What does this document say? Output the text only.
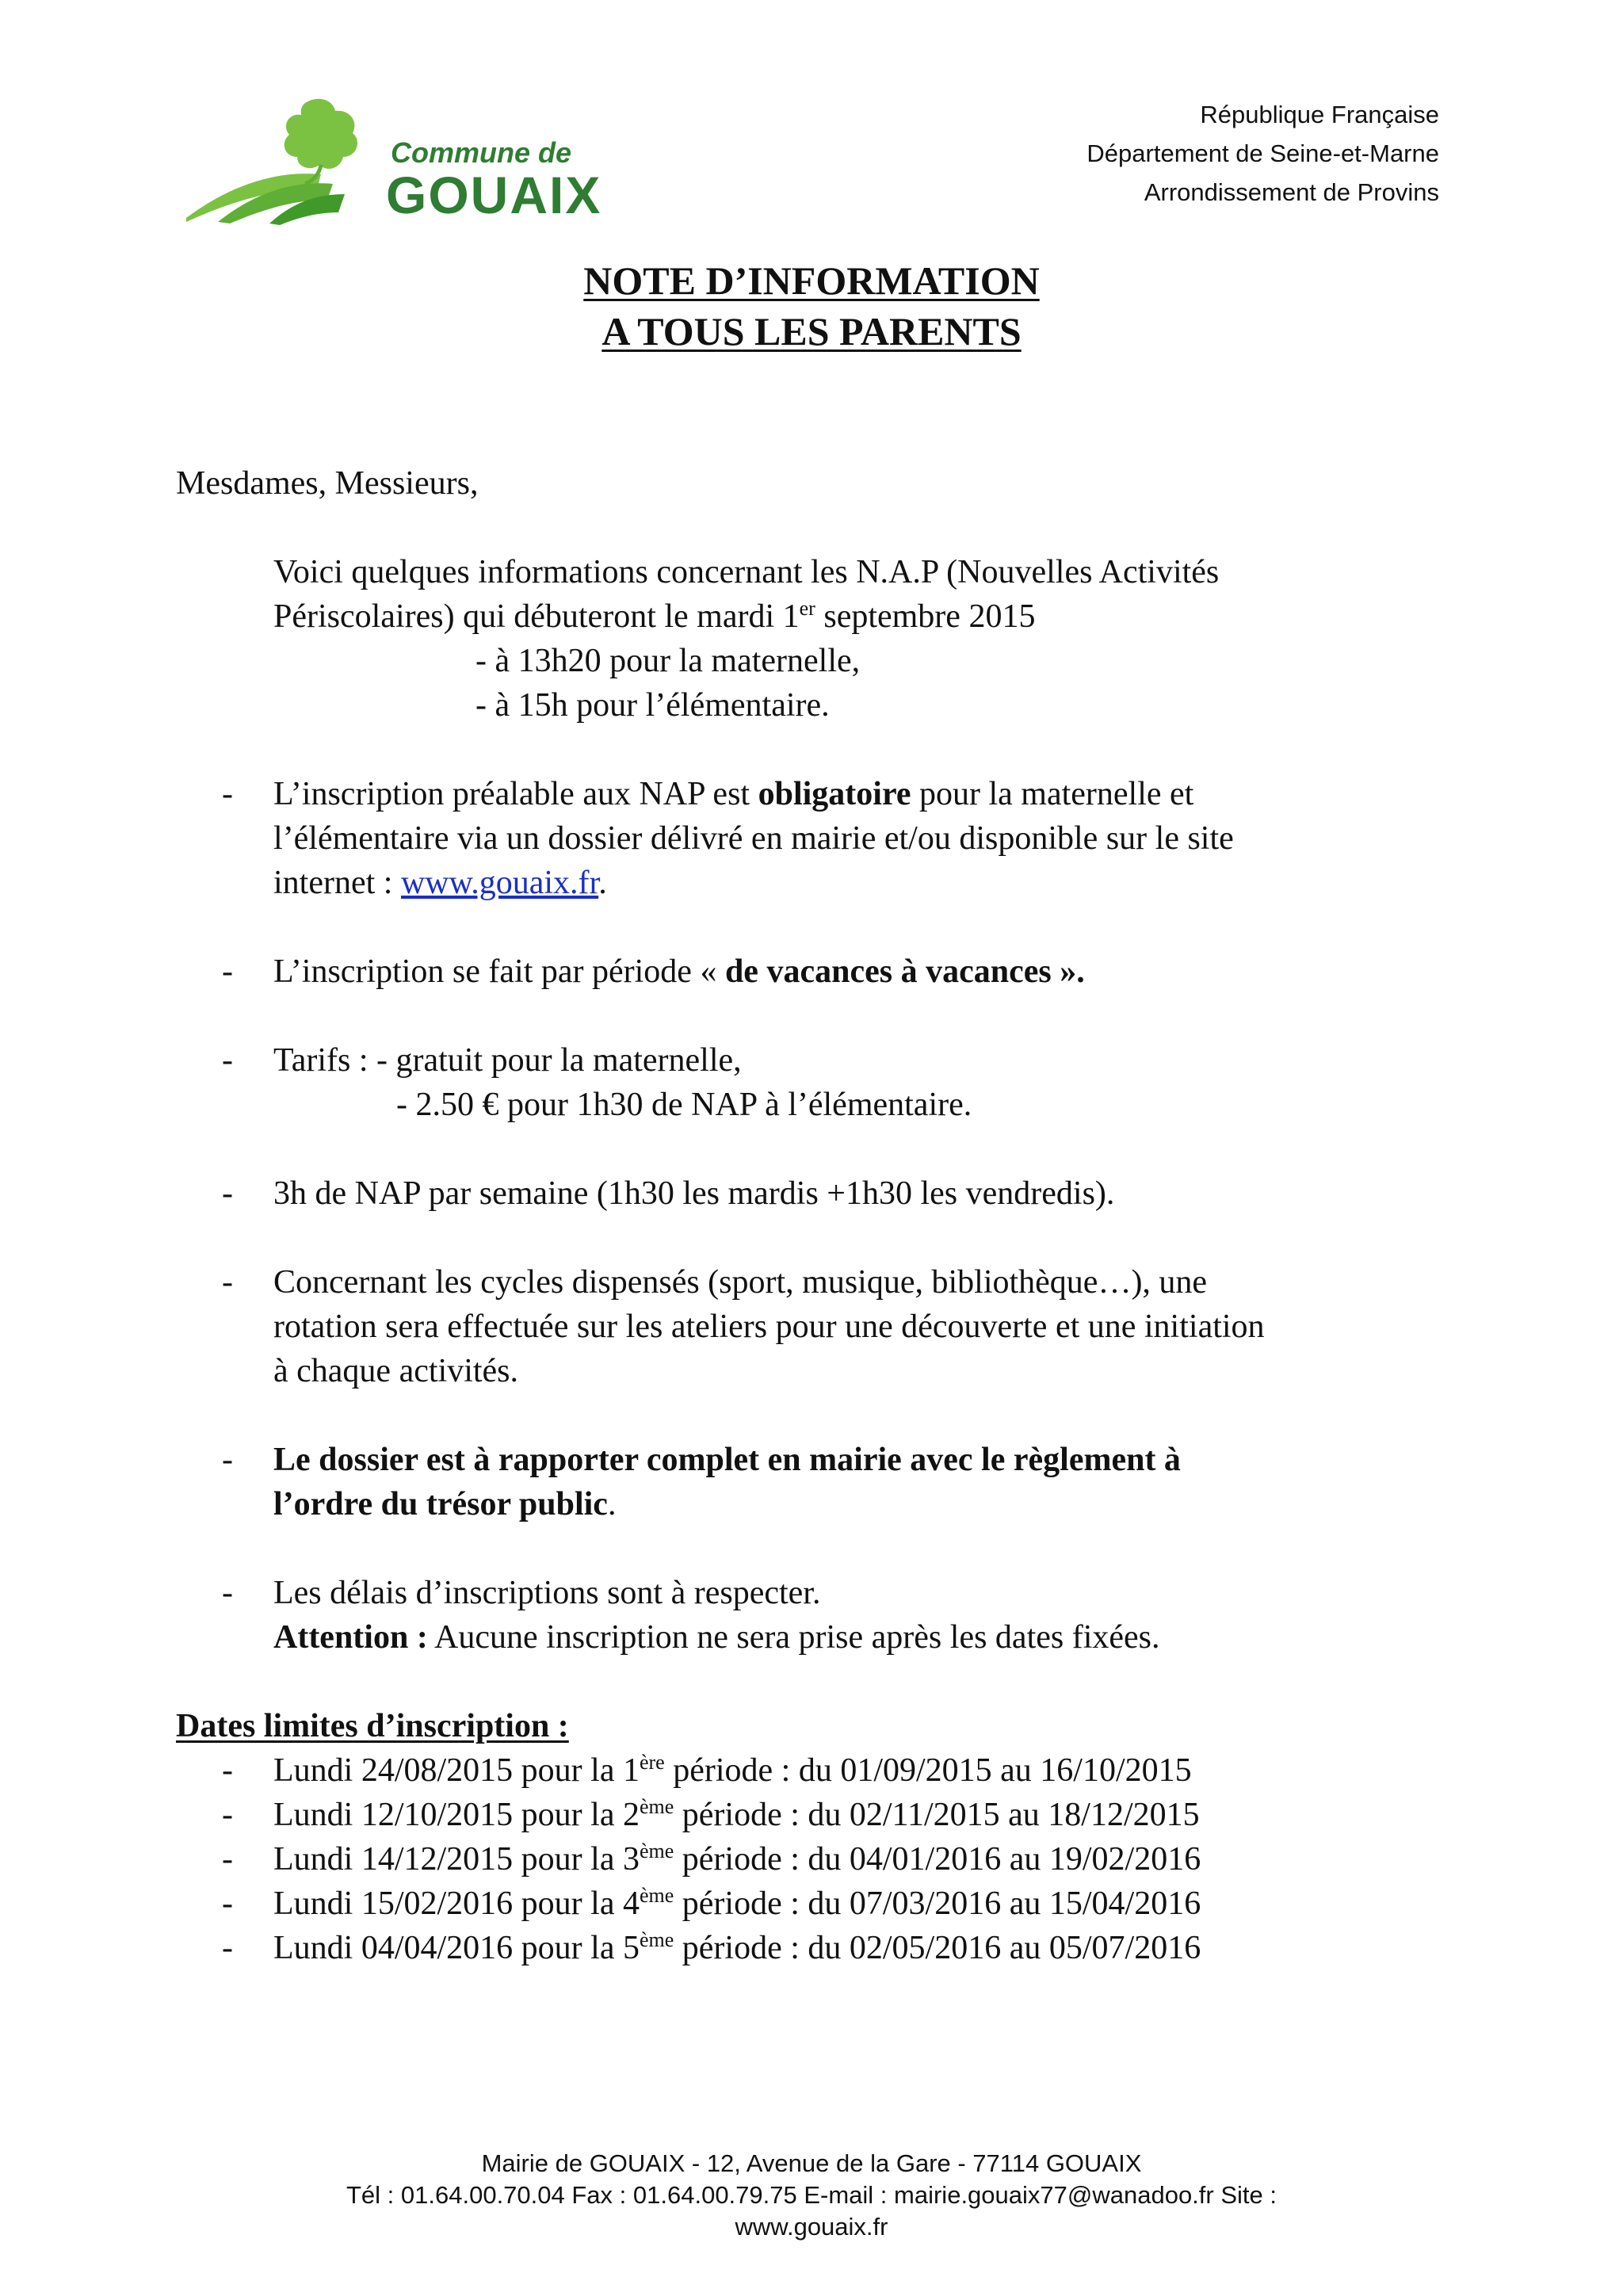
Commune de
GOUAIX
République Française
Département de Seine-et-Marne
Arrondissement de Provins
NOTE D’INFORMATION
A TOUS LES PARENTS
Mesdames, Messieurs,
Voici quelques informations concernant les N.A.P (Nouvelles Activités
Périscolaires) qui débuteront le mardi 1er septembre 2015
- à 13h20 pour la maternelle,
- à 15h pour l’élémentaire.
- L’inscription préalable aux NAP est obligatoire pour la maternelle et
l’élémentaire via un dossier délivré en mairie et/ou disponible sur le site
internet : www.gouaix.fr.
- L’inscription se fait par période « de vacances à vacances ».
- Tarifs : - gratuit pour la maternelle,
- 2.50 € pour 1h30 de NAP à l’élémentaire.
- 3h de NAP par semaine (1h30 les mardis +1h30 les vendredis).
- Concernant les cycles dispensés (sport, musique, bibliothèque…), une
rotation sera effectuée sur les ateliers pour une découverte et une initiation
à chaque activités.
- Le dossier est à rapporter complet en mairie avec le règlement à
l’ordre du trésor public.
- Les délais d’inscriptions sont à respecter.
Attention : Aucune inscription ne sera prise après les dates fixées.
Dates limites d’inscription :
- Lundi 24/08/2015 pour la 1ère période : du 01/09/2015 au 16/10/2015
- Lundi 12/10/2015 pour la 2ème période : du 02/11/2015 au 18/12/2015
- Lundi 14/12/2015 pour la 3ème période : du 04/01/2016 au 19/02/2016
- Lundi 15/02/2016 pour la 4ème période : du 07/03/2016 au 15/04/2016
- Lundi 04/04/2016 pour la 5ème période : du 02/05/2016 au 05/07/2016
Mairie de GOUAIX - 12, Avenue de la Gare - 77114 GOUAIX
Tél : 01.64.00.70.04 Fax : 01.64.00.79.75 E-mail : mairie.gouaix77@wanadoo.fr Site :
www.gouaix.fr
